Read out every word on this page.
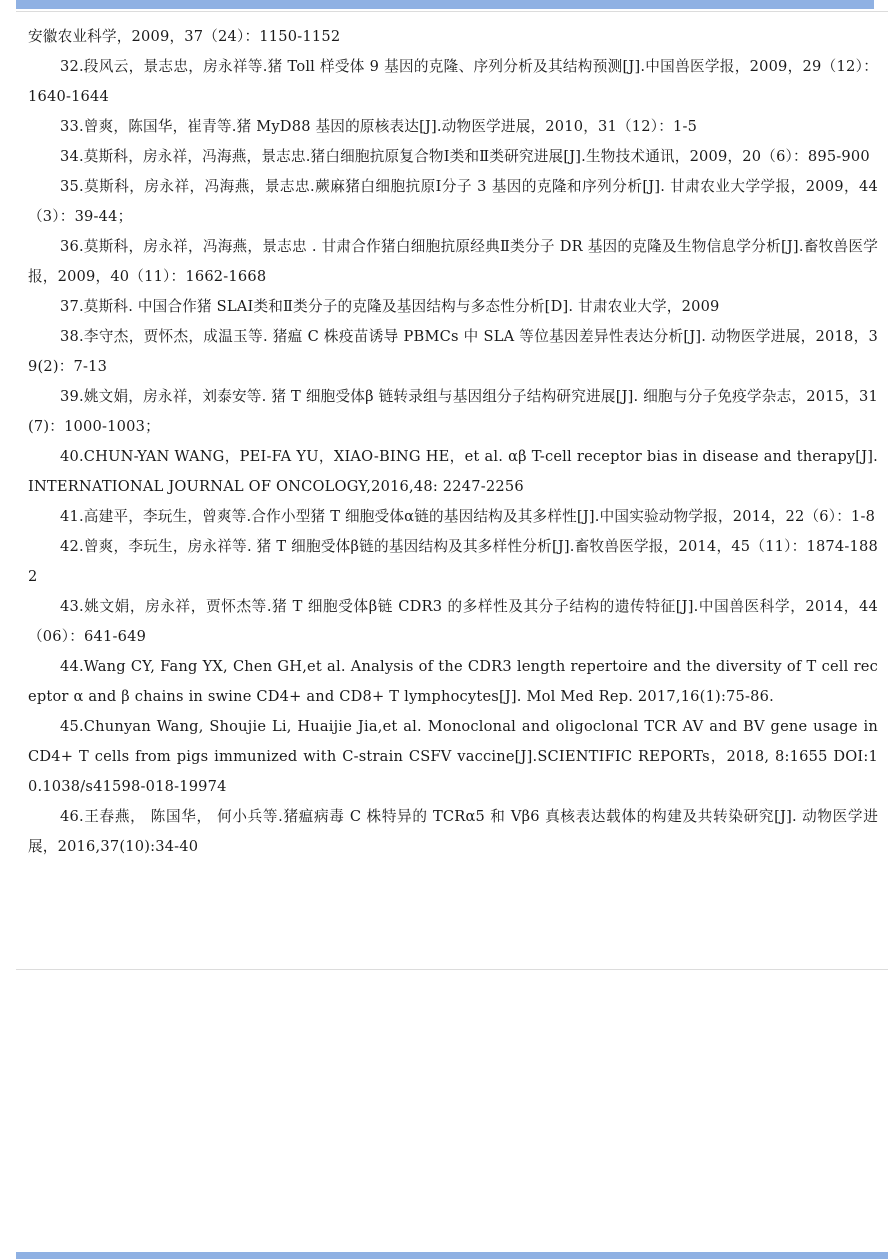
安徽农业科学，2009，37（24）：1150-1152
32.段风云，景志忠，房永祥等.猪 Toll 样受体 9 基因的克隆、序列分析及其结构预测[J].中国兽医学报，2009，29（12）：1640-1644
33.曾爽，陈国华，崔青等.猪 MyD88 基因的原核表达[J].动物医学进展，2010，31（12）：1-5
34.莫斯科，房永祥，冯海燕，景志忠.猪白细胞抗原复合物Ⅰ类和Ⅱ类研究进展[J].生物技术通讯，2009，20（6）：895-900
35.莫斯科，房永祥，冯海燕，景志忠.蕨麻猪白细胞抗原Ⅰ分子 3 基因的克隆和序列分析[J]. 甘肃农业大学学报，2009，44（3）：39-44；
36.莫斯科，房永祥，冯海燕，景志忠 . 甘肃合作猪白细胞抗原经典Ⅱ类分子 DR 基因的克隆及生物信息学分析[J].畜牧兽医学报，2009，40（11）：1662-1668
37.莫斯科. 中国合作猪 SLAⅠ类和Ⅱ类分子的克隆及基因结构与多态性分析[D]. 甘肃农业大学，2009
38.李守杰，贾怀杰，成温玉等. 猪瘟 C 株疫苗诱导 PBMCs 中 SLA 等位基因差异性表达分析[J]. 动物医学进展，2018，39(2)：7-13
39.姚文娟，房永祥，刘泰安等. 猪 T 细胞受体β 链转录组与基因组分子结构研究进展[J]. 细胞与分子免疫学杂志，2015，31(7)：1000-1003；
40.CHUN-YAN WANG，PEI-FA YU，XIAO-BING HE，et al. αβ T-cell receptor bias in disease and therapy[J]. INTERNATIONAL JOURNAL OF ONCOLOGY,2016,48: 2247-2256
41.高建平，李玩生，曾爽等.合作小型猪 T 细胞受体α链的基因结构及其多样性[J].中国实验动物学报，2014，22（6）：1-8
42.曾爽，李玩生，房永祥等. 猪 T 细胞受体β链的基因结构及其多样性分析[J].畜牧兽医学报，2014，45（11）：1874-1882
43.姚文娟，房永祥，贾怀杰等.猪 T 细胞受体β链 CDR3 的多样性及其分子结构的遗传特征[J].中国兽医科学，2014，44（06）：641-649
44.Wang CY, Fang YX, Chen GH,et al. Analysis of the CDR3 length repertoire and the diversity of T cell receptor α and β chains in swine CD4+ and CD8+ T lymphocytes[J]. Mol Med Rep. 2017,16(1):75-86.
45.Chunyan Wang, Shoujie Li, Huaijie Jia,et al. Monoclonal and oligoclonal TCR AV and BV gene usage in CD4+ T cells from pigs immunized with C-strain CSFV vaccine[J].SCIENTIFIC REPORTs，2018, 8:1655 DOI:10.1038/s41598-018-19974
46.王春燕， 陈国华， 何小兵等.猪瘟病毒 C 株特异的 TCRα5 和 Vβ6 真核表达载体的构建及共转染研究[J]. 动物医学进展，2016,37(10):34-40
